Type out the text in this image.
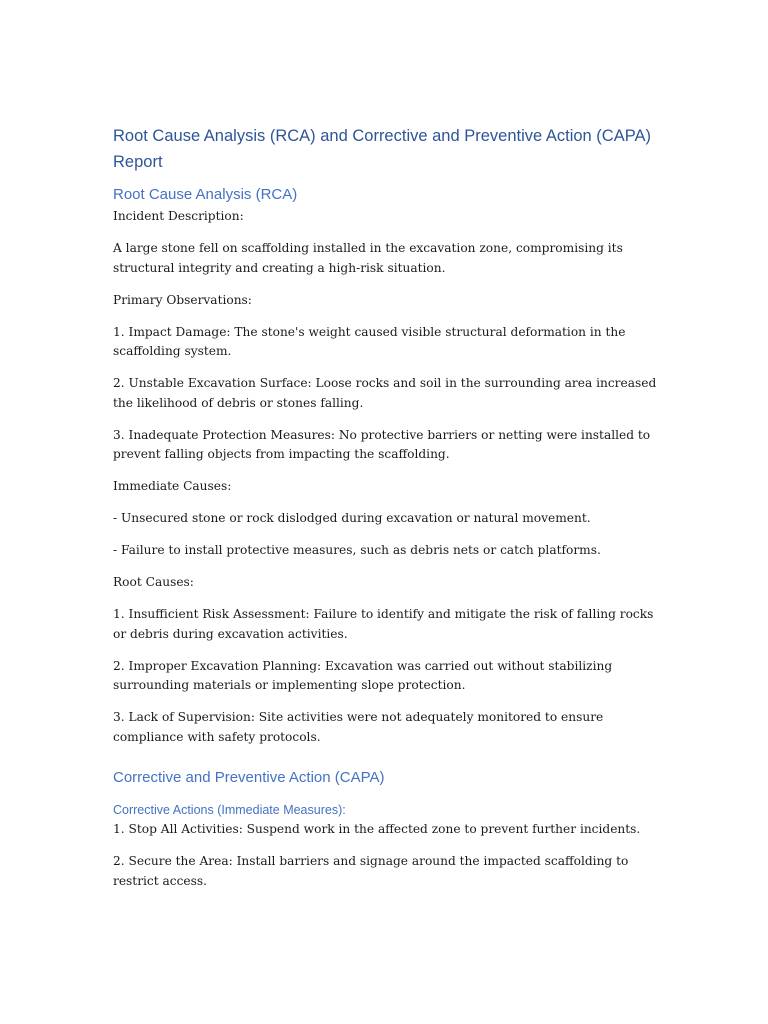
Root Cause Analysis (RCA) and Corrective and Preventive Action (CAPA) Report
Root Cause Analysis (RCA)

Incident Description:

A large stone fell on scaffolding installed in the excavation zone, compromising its structural integrity and creating a high-risk situation.

Primary Observations:

1. Impact Damage: The stone's weight caused visible structural deformation in the scaffolding system.

2. Unstable Excavation Surface: Loose rocks and soil in the surrounding area increased the likelihood of debris or stones falling.

3. Inadequate Protection Measures: No protective barriers or netting were installed to prevent falling objects from impacting the scaffolding.

Immediate Causes:

- Unsecured stone or rock dislodged during excavation or natural movement.

- Failure to install protective measures, such as debris nets or catch platforms.

Root Causes:

1. Insufficient Risk Assessment: Failure to identify and mitigate the risk of falling rocks or debris during excavation activities.

2. Improper Excavation Planning: Excavation was carried out without stabilizing surrounding materials or implementing slope protection.

3. Lack of Supervision: Site activities were not adequately monitored to ensure compliance with safety protocols.

Corrective and Preventive Action (CAPA)
Corrective Actions (Immediate Measures):

1. Stop All Activities: Suspend work in the affected zone to prevent further incidents.

2. Secure the Area: Install barriers and signage around the impacted scaffolding to restrict access.
